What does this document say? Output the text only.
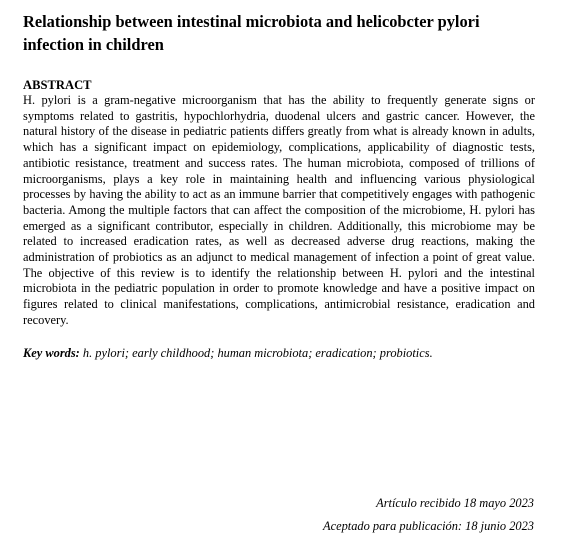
Relationship between intestinal microbiota and helicobcter pylori
infection in children

ABSTRACT

H. pylori is a gram-negative microorganism that has the ability to frequently generate signs or symptoms related to gastritis, hypochlorhydria, duodenal ulcers and gastric cancer. However, the natural history of the disease in pediatric patients differs greatly from what is already known in adults, which has a significant impact on epidemiology, complications, applicability of diagnostic tests, antibiotic resistance, treatment and success rates. The human microbiota, composed of trillions of microorganisms, plays a key role in maintaining health and influencing various physiological processes by having the ability to act as an immune barrier that competitively engages with pathogenic bacteria. Among the multiple factors that can affect the composition of the microbiome, H. pylori has emerged as a significant contributor, especially in children. Additionally, this microbiome may be related to increased eradication rates, as well as decreased adverse drug reactions, making the administration of probiotics as an adjunct to medical management of infection a point of great value. The objective of this review is to identify the relationship between H. pylori and the intestinal microbiota in the pediatric population in order to promote knowledge and have a positive impact on figures related to clinical manifestations, complications, antimicrobial resistance, eradication and recovery.

Key words: h. pylori; early childhood; human microbiota; eradication; probiotics.
Artículo recibido 18 mayo 2023
Aceptado para publicación: 18 junio 2023
